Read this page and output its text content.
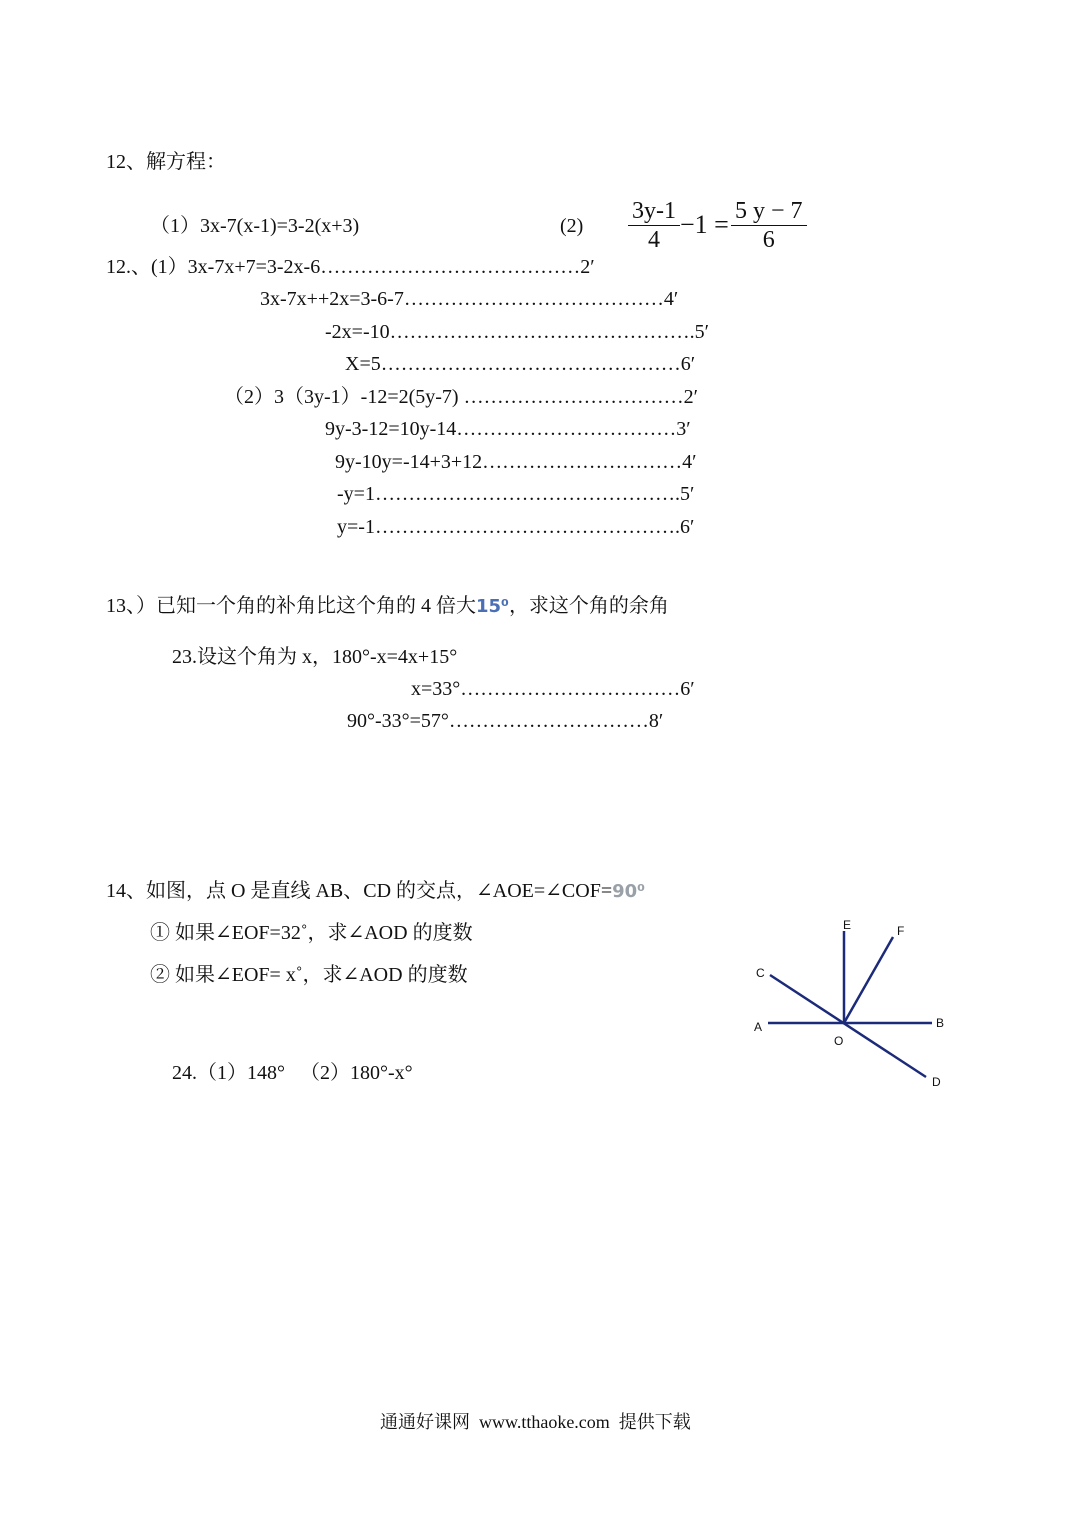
12、解方程：
（1）3x-7(x-1)=3-2(x+3)	$(2) \frac{3y-1}{4} -1 = \frac{5 y - 7}{6}$
12.、(1）3x-7x+7=3-2x-6…………………………………2′
3x-7x++2x=3-6-7…………………………………4′
-2x=-10……………………………………….5′
X=5………………………………………6′
（2）3（3y-1）-12=2(5y-7) ……………………………2′
9y-3-12=10y-14……………………………3′
9y-10y=-14+3+12…………………………4′
-y=1……………………………………….5′
y=-1……………………………………….6′
13、）已知一个角的补角比这个角的 4 倍大15⁰，求这个角的余角
23.设这个角为 x，180°-x=4x+15°
x=33°……………………………6′
90°-33°=57°…………………………8′
14、如图，点 O 是直线 AB、CD 的交点，∠AOE=∠COF=90⁰
① 如果∠EOF=32˚，求∠AOD 的度数
② 如果∠EOF= x˚，求∠AOD 的度数
24.（1）148°   （2）180°-x°
E	F
C
A	B
O
D
通通好课网  www.tthaoke.com  提供下载
